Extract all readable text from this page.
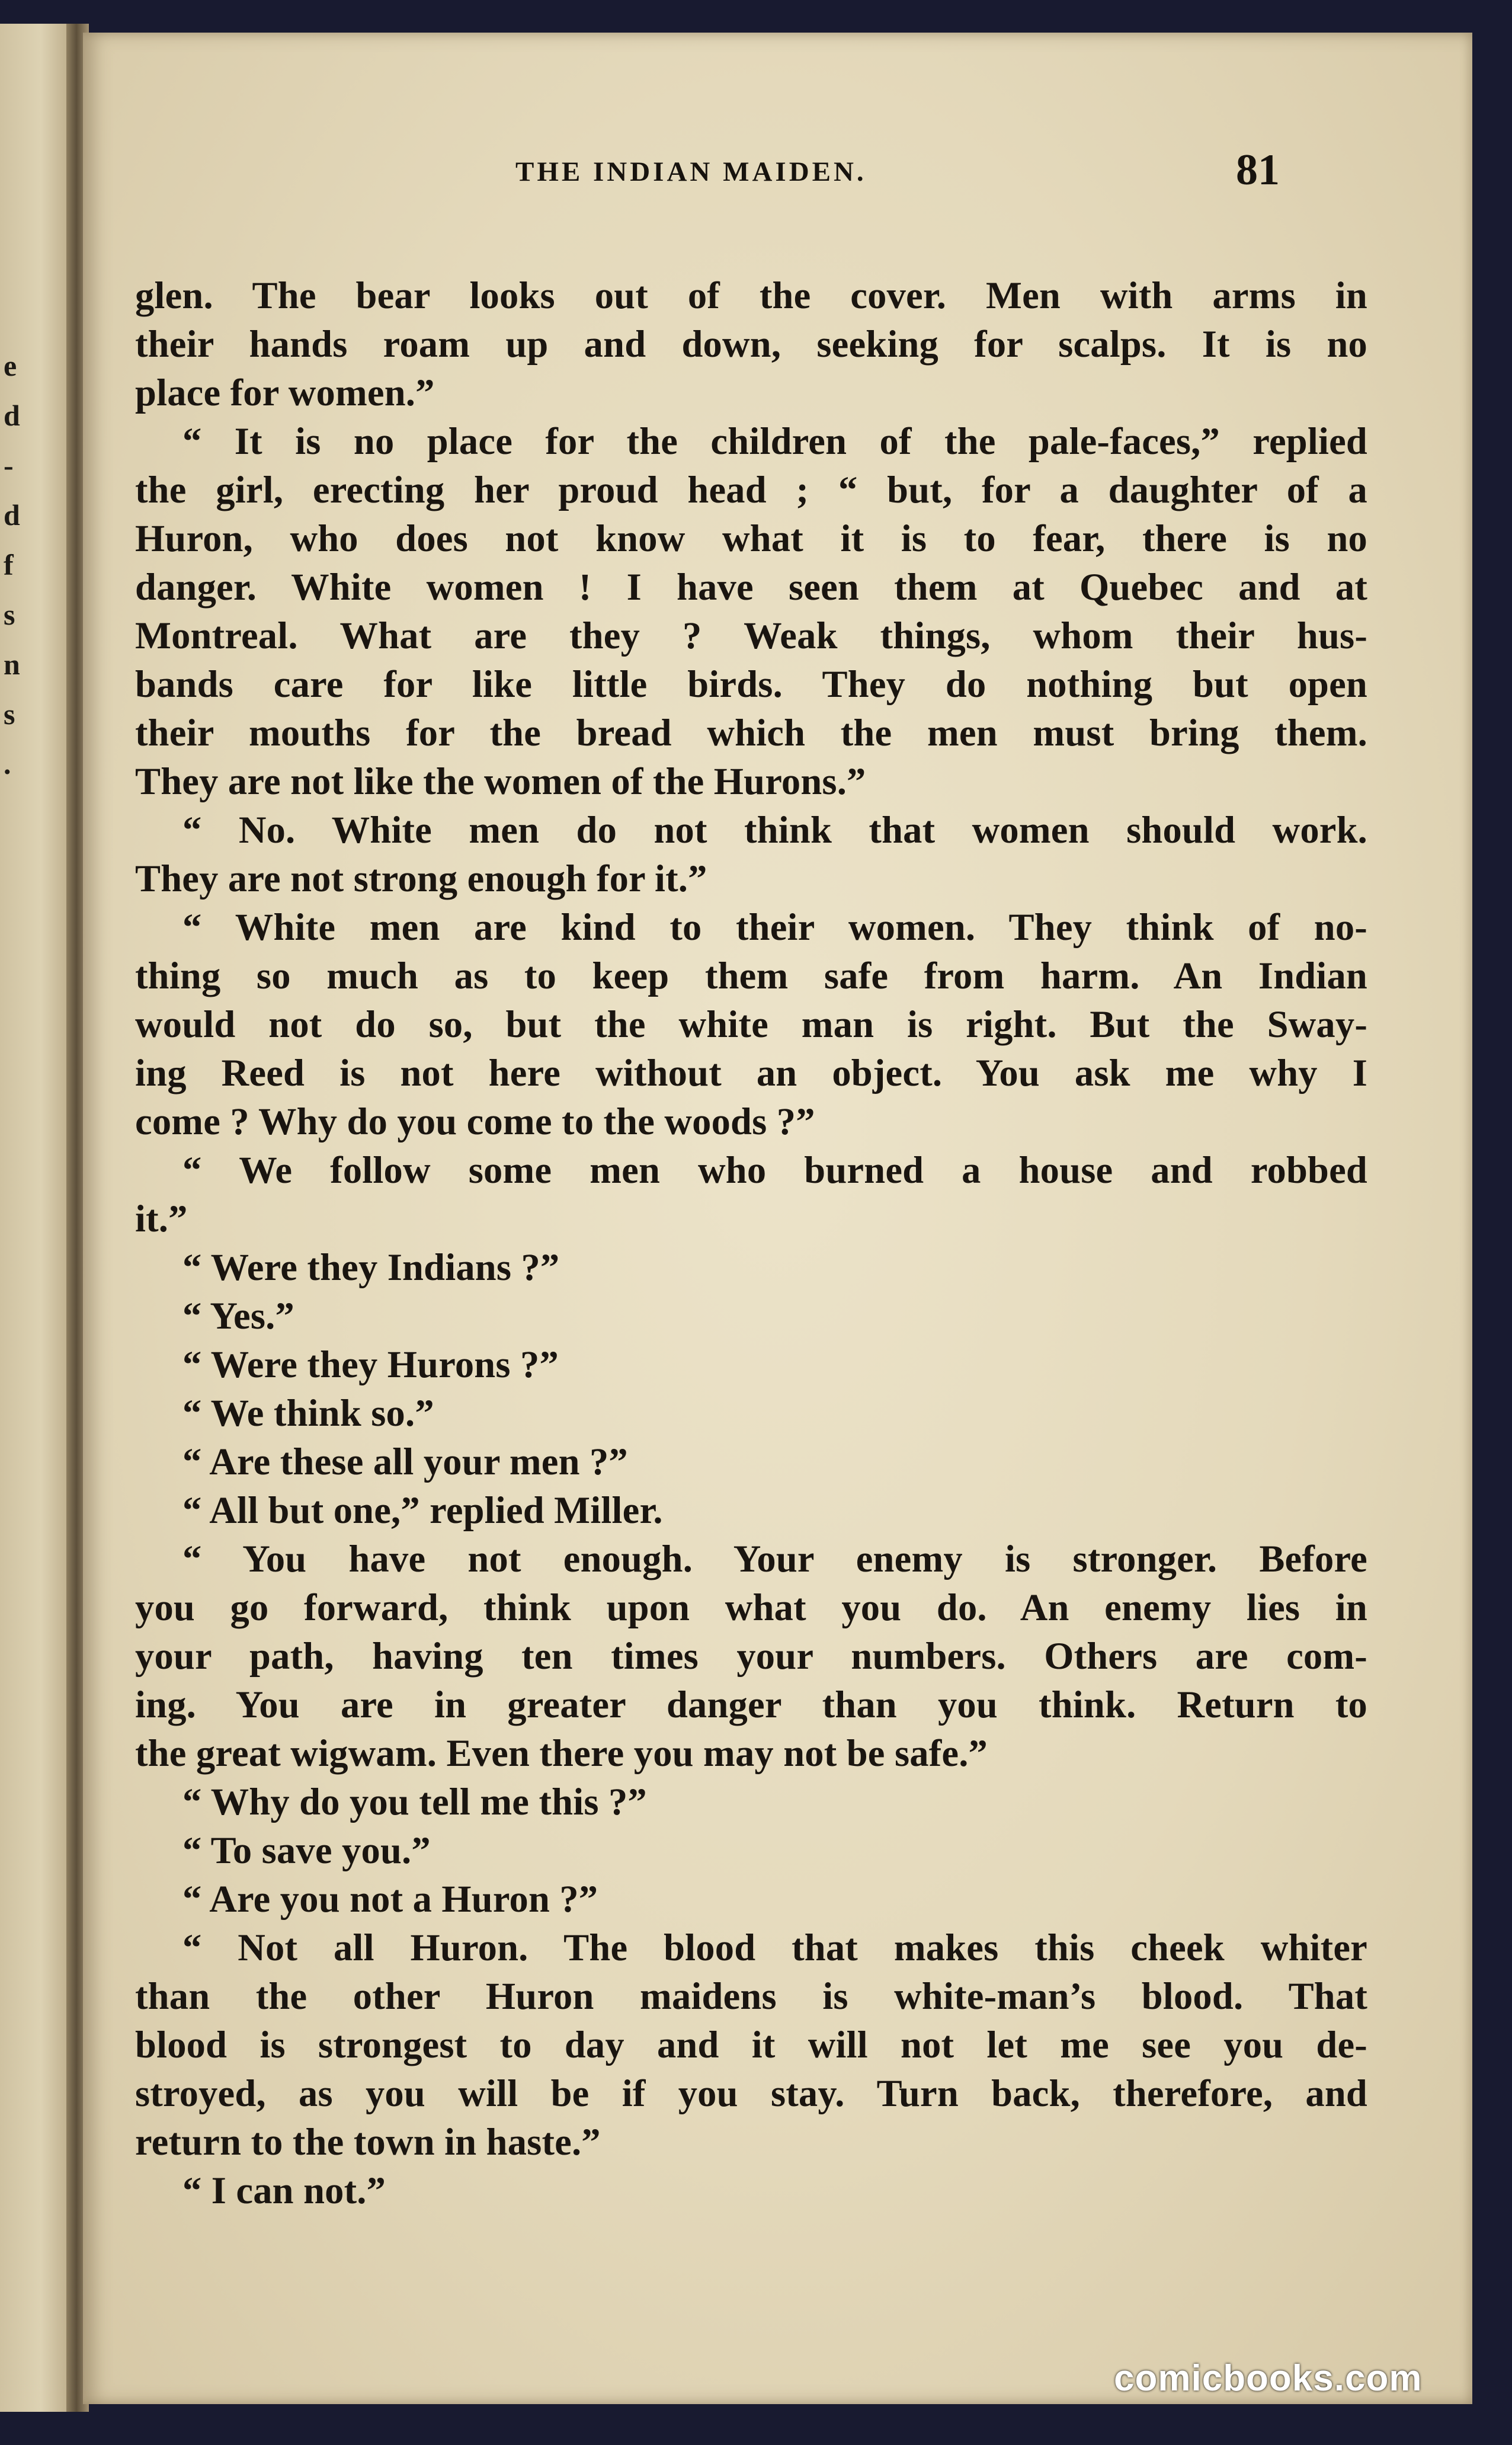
e
d
-
d
f
s
n
s
.
THE INDIAN MAIDEN.	81
glen. The bear looks out of the cover. Men with arms in
their hands roam up and down, seeking for scalps. It is no
place for women.”
“ It is no place for the children of the pale-faces,” replied
the girl, erecting her proud head ; “ but, for a daughter of a
Huron, who does not know what it is to fear, there is no
danger. White women ! I have seen them at Quebec and at
Montreal. What are they ? Weak things, whom their hus-
bands care for like little birds. They do nothing but open
their mouths for the bread which the men must bring them.
They are not like the women of the Hurons.”
“ No. White men do not think that women should work.
They are not strong enough for it.”
“ White men are kind to their women. They think of no-
thing so much as to keep them safe from harm. An Indian
would not do so, but the white man is right. But the Sway-
ing Reed is not here without an object. You ask me why I
come ? Why do you come to the woods ?”
“ We follow some men who burned a house and robbed
it.”
“ Were they Indians ?”
“ Yes.”
“ Were they Hurons ?”
“ We think so.”
“ Are these all your men ?”
“ All but one,” replied Miller.
“ You have not enough. Your enemy is stronger. Before
you go forward, think upon what you do. An enemy lies in
your path, having ten times your numbers. Others are com-
ing. You are in greater danger than you think. Return to
the great wigwam. Even there you may not be safe.”
“ Why do you tell me this ?”
“ To save you.”
“ Are you not a Huron ?”
“ Not all Huron. The blood that makes this cheek whiter
than the other Huron maidens is white-man’s blood. That
blood is strongest to day and it will not let me see you de-
stroyed, as you will be if you stay. Turn back, therefore, and
return to the town in haste.”
“ I can not.”
comicbooks.com
